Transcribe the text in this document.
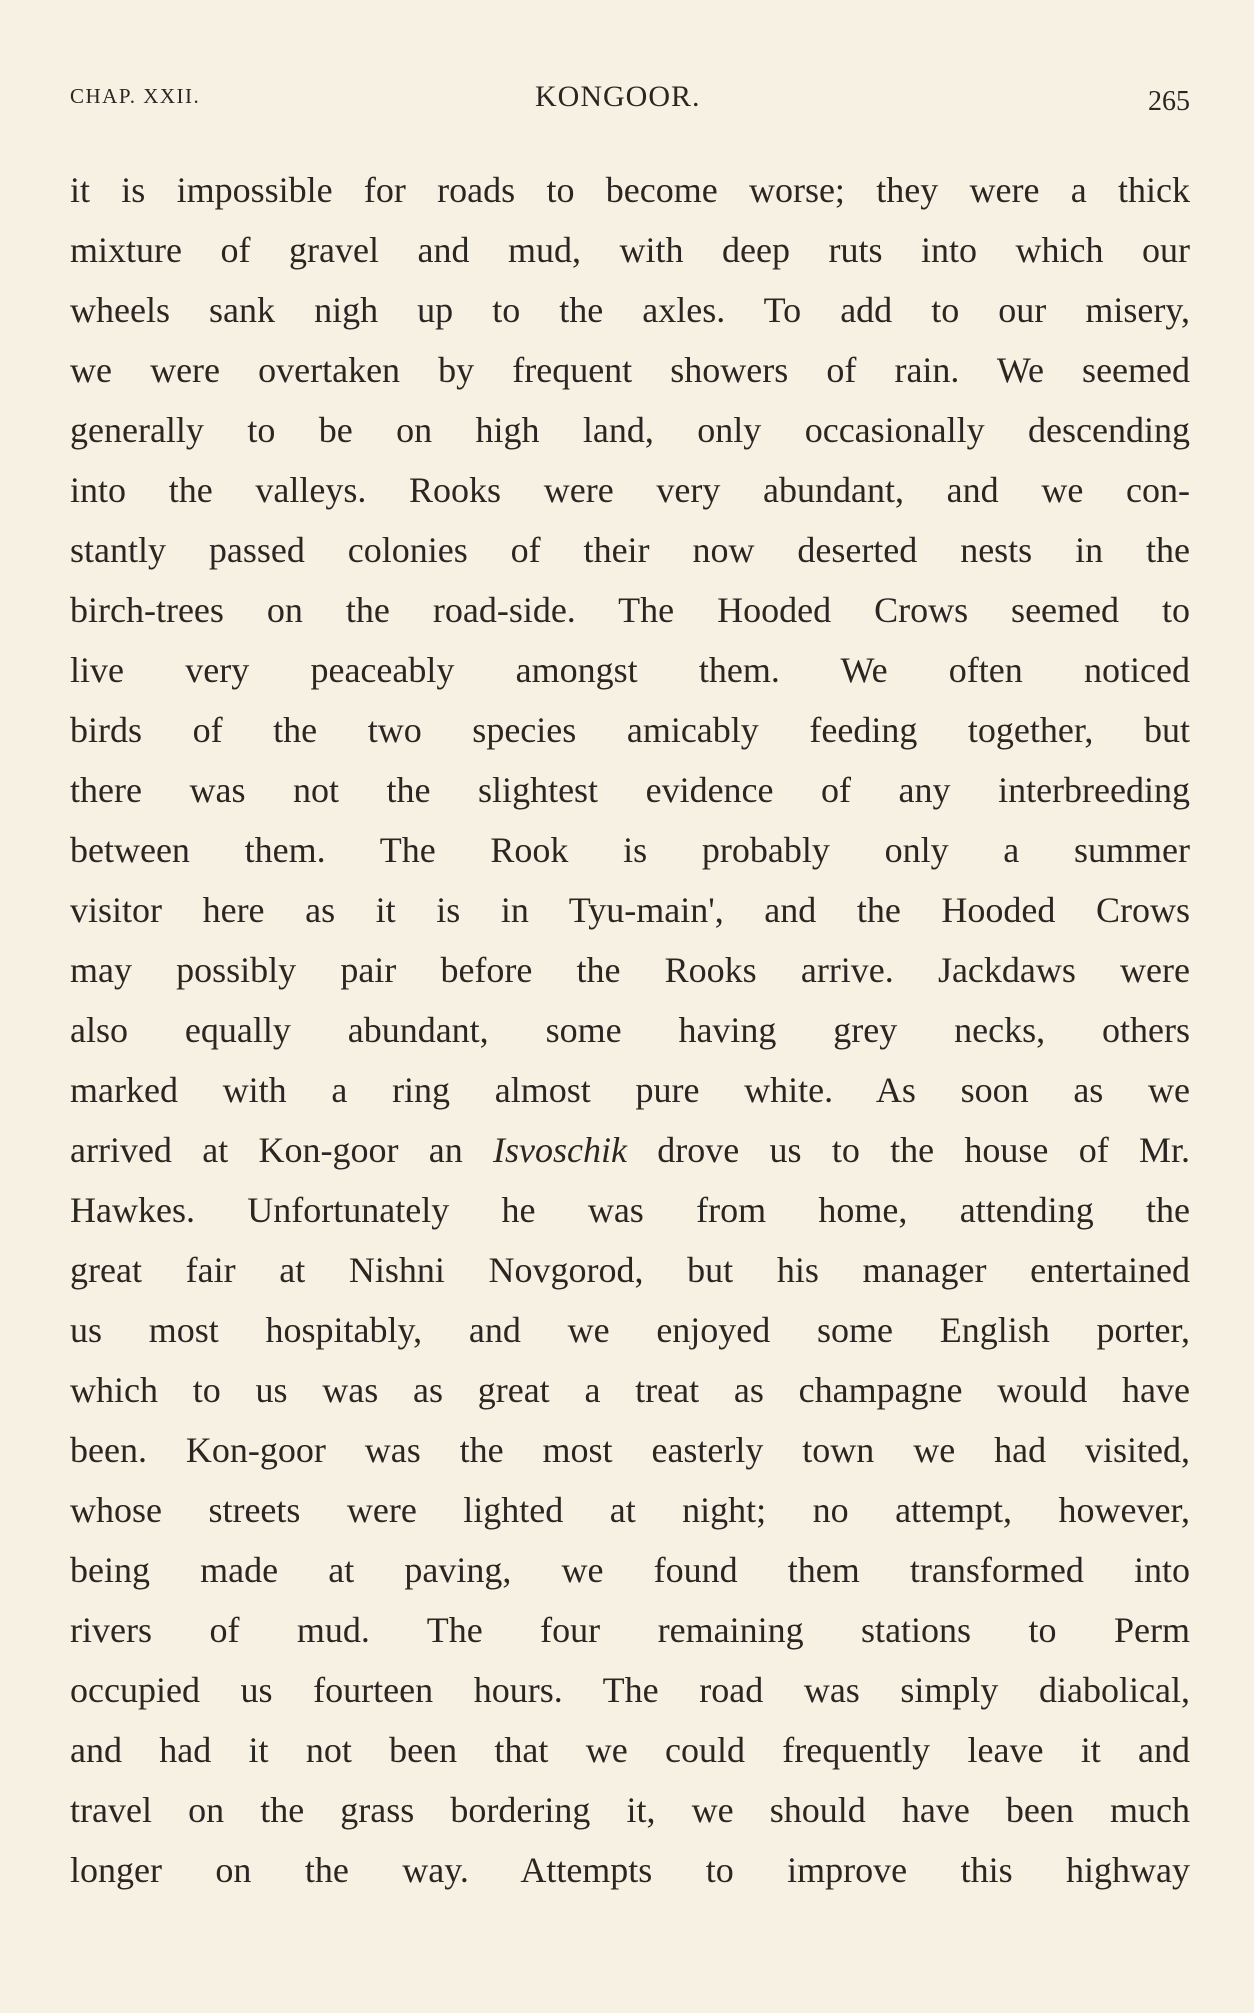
CHAP. XXII.	KONGOOR.	265
it is impossible for roads to become worse; they were a thick
mixture of gravel and mud, with deep ruts into which our
wheels sank nigh up to the axles. To add to our misery,
we were overtaken by frequent showers of rain. We seemed
generally to be on high land, only occasionally descending
into the valleys. Rooks were very abundant, and we con-
stantly passed colonies of their now deserted nests in the
birch-trees on the road-side. The Hooded Crows seemed to
live very peaceably amongst them. We often noticed
birds of the two species amicably feeding together, but
there was not the slightest evidence of any interbreeding
between them. The Rook is probably only a summer
visitor here as it is in Tyu-main', and the Hooded Crows
may possibly pair before the Rooks arrive. Jackdaws were
also equally abundant, some having grey necks, others
marked with a ring almost pure white. As soon as we
arrived at Kon-goor an Isvoschik drove us to the house of Mr.
Hawkes. Unfortunately he was from home, attending the
great fair at Nishni Novgorod, but his manager entertained
us most hospitably, and we enjoyed some English porter,
which to us was as great a treat as champagne would have
been. Kon-goor was the most easterly town we had visited,
whose streets were lighted at night; no attempt, however,
being made at paving, we found them transformed into
rivers of mud. The four remaining stations to Perm
occupied us fourteen hours. The road was simply diabolical,
and had it not been that we could frequently leave it and
travel on the grass bordering it, we should have been much
longer on the way. Attempts to improve this highway
